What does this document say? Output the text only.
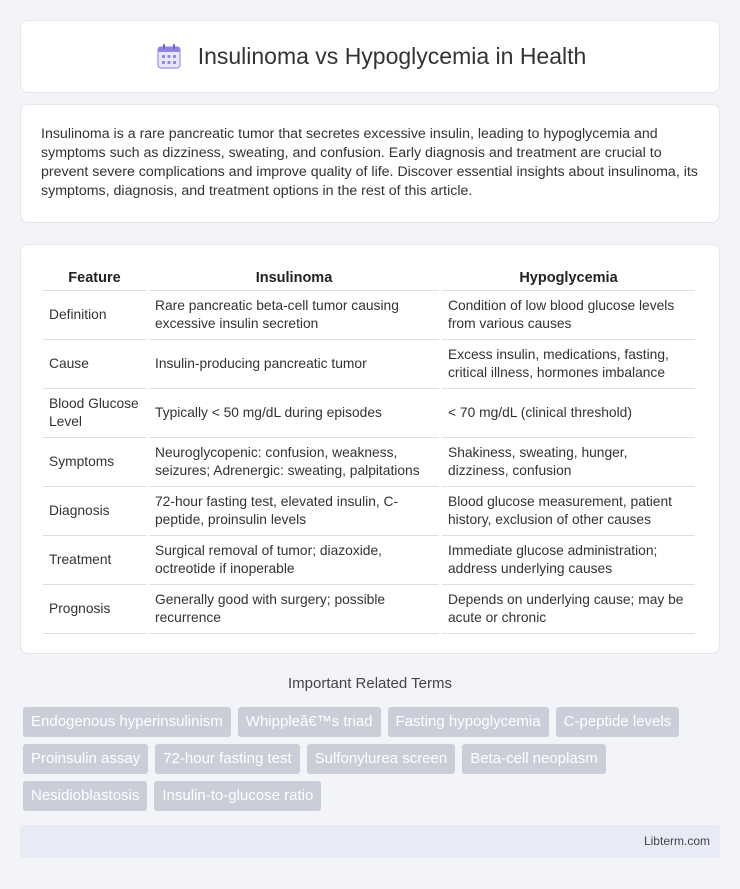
Insulinoma vs Hypoglycemia in Health

Insulinoma is a rare pancreatic tumor that secretes excessive insulin, leading to hypoglycemia and symptoms such as dizziness, sweating, and confusion. Early diagnosis and treatment are crucial to prevent severe complications and improve quality of life. Discover essential insights about insulinoma, its symptoms, diagnosis, and treatment options in the rest of this article.

Feature	Insulinoma	Hypoglycemia
Definition	Rare pancreatic beta-cell tumor causing excessive insulin secretion	Condition of low blood glucose levels from various causes
Cause	Insulin-producing pancreatic tumor	Excess insulin, medications, fasting, critical illness, hormones imbalance
Blood Glucose Level	Typically < 50 mg/dL during episodes	< 70 mg/dL (clinical threshold)
Symptoms	Neuroglycopenic: confusion, weakness, seizures; Adrenergic: sweating, palpitations	Shakiness, sweating, hunger, dizziness, confusion
Diagnosis	72-hour fasting test, elevated insulin, C-peptide, proinsulin levels	Blood glucose measurement, patient history, exclusion of other causes
Treatment	Surgical removal of tumor; diazoxide, octreotide if inoperable	Immediate glucose administration; address underlying causes
Prognosis	Generally good with surgery; possible recurrence	Depends on underlying cause; may be acute or chronic
Important Related Terms
Endogenous hyperinsulinism	Whippleâ€™s triad	Fasting hypoglycemia	C-peptide levels
Proinsulin assay	72-hour fasting test	Sulfonylurea screen	Beta-cell neoplasm
Nesidioblastosis	Insulin-to-glucose ratio
Libterm.com
